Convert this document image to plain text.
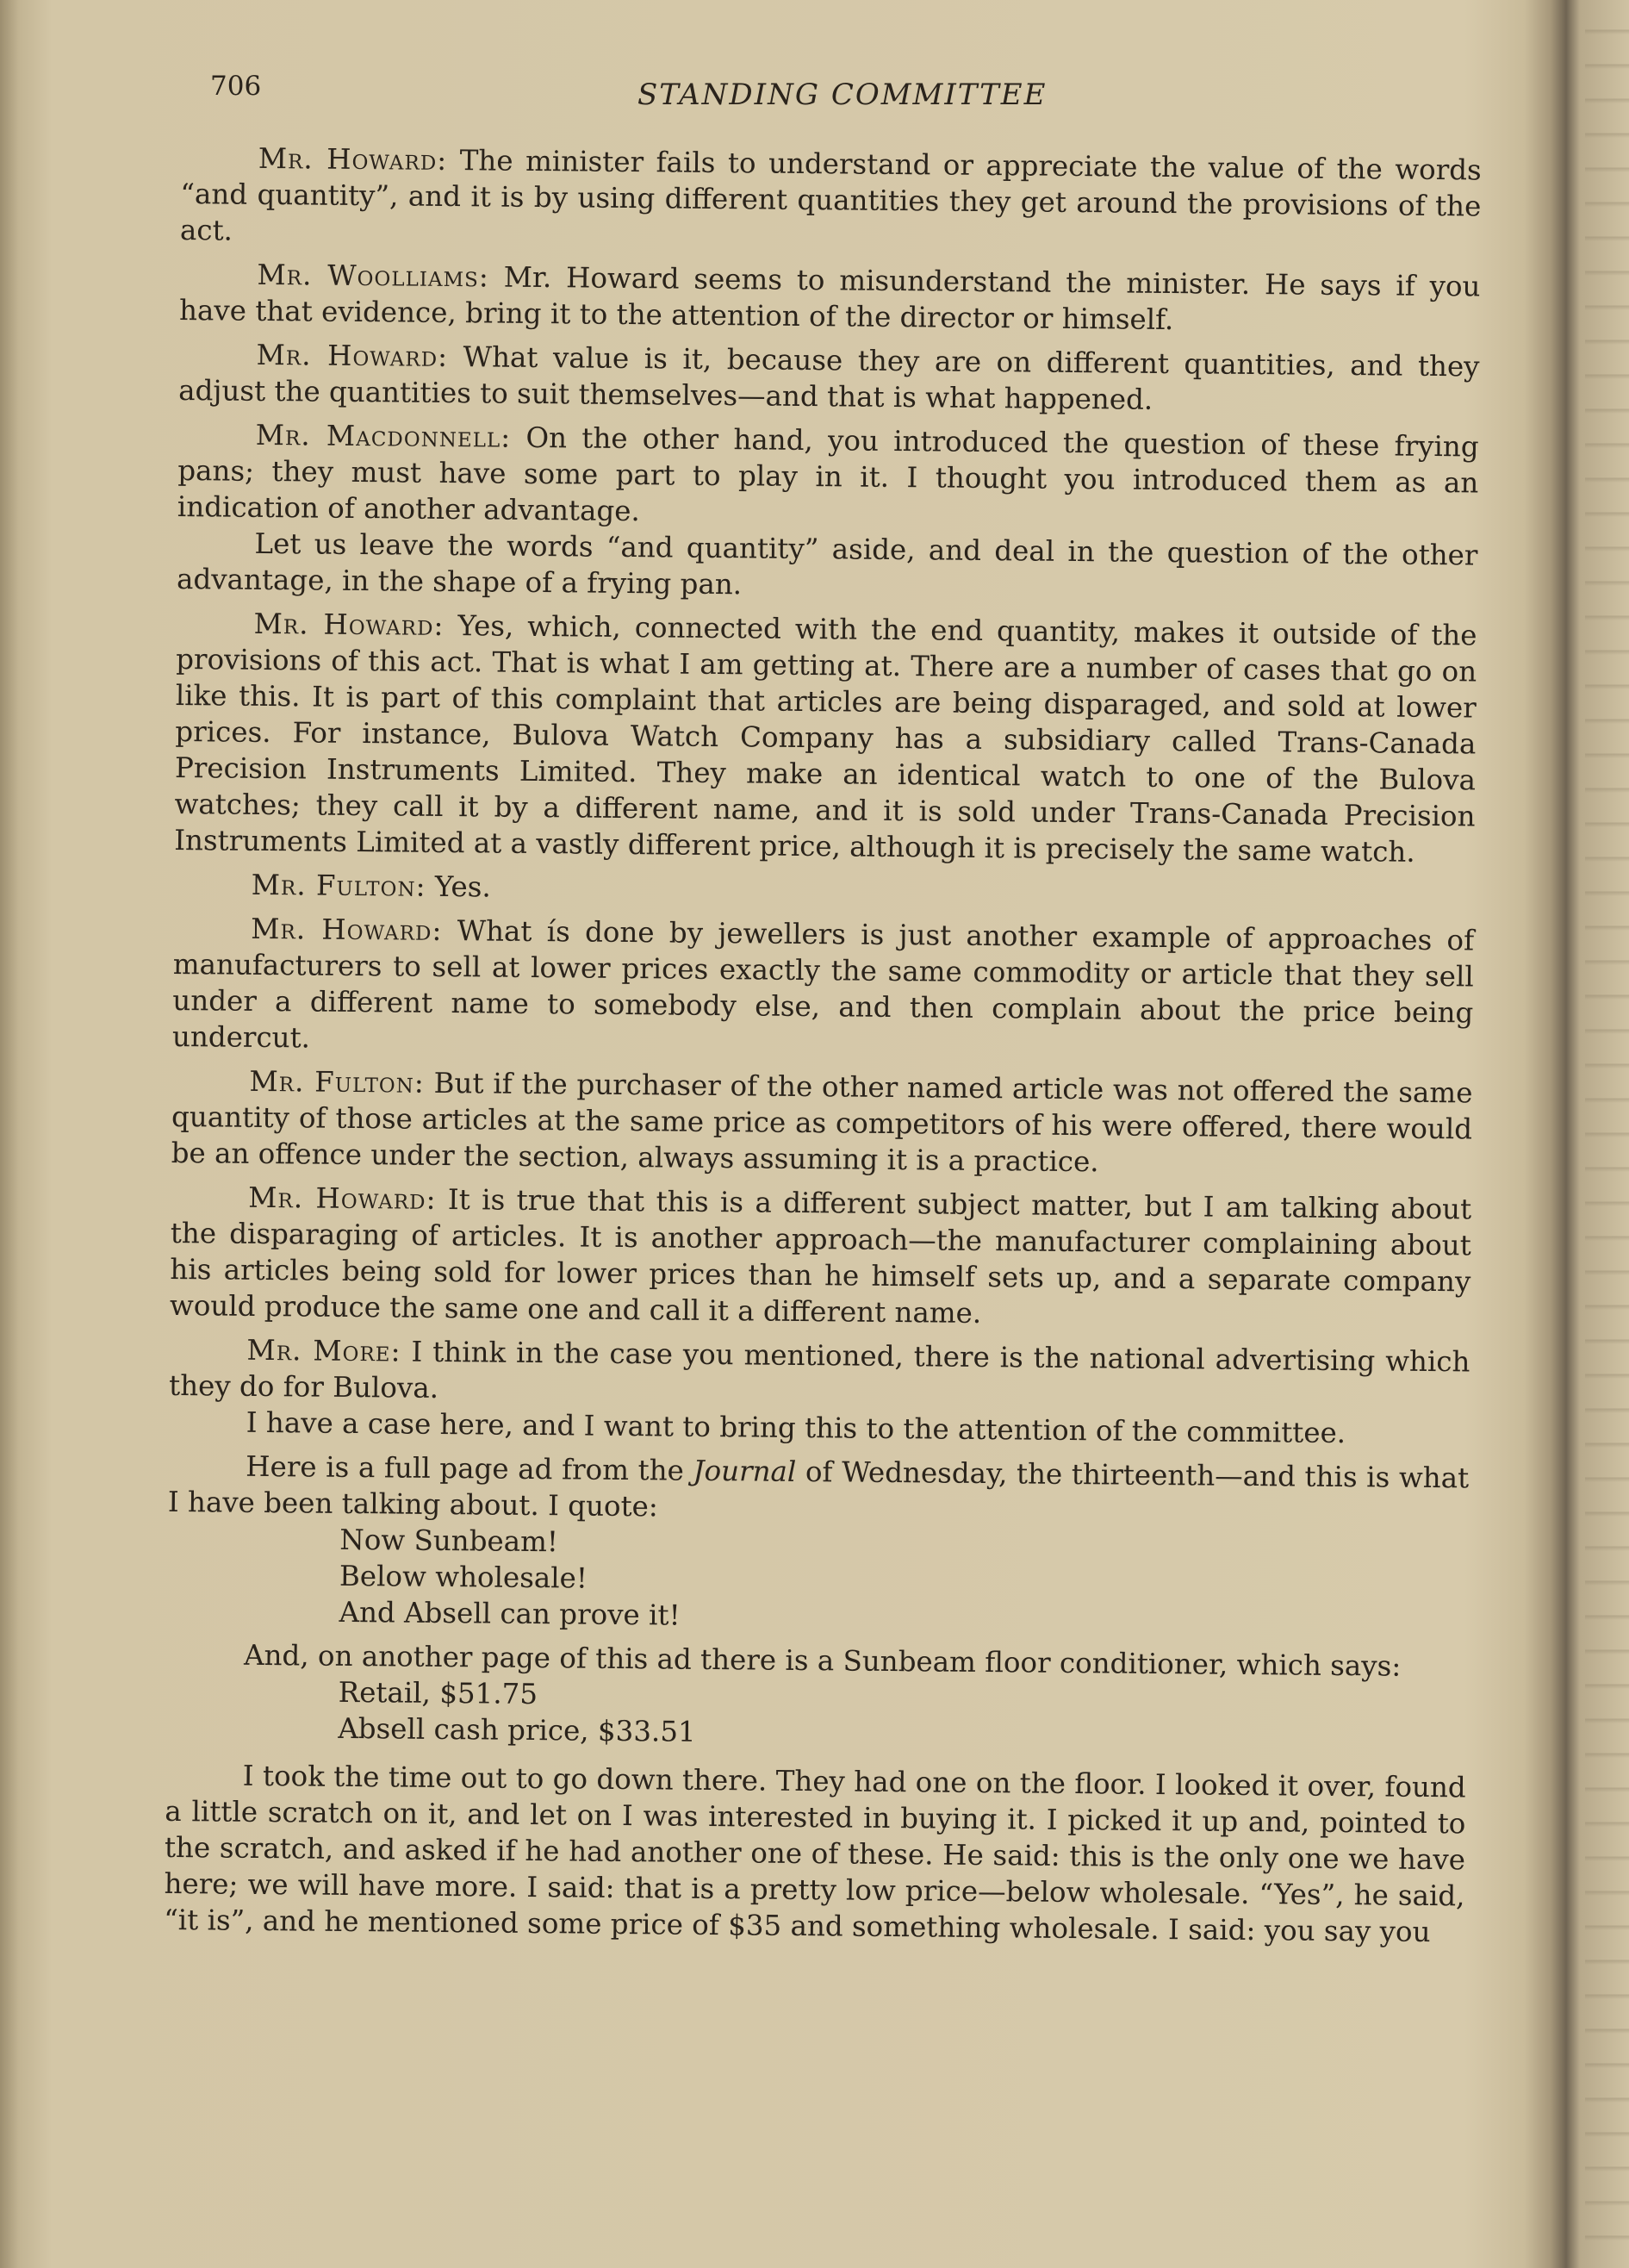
706	STANDING COMMITTEE

Mr. Howard: The minister fails to understand or appreciate the value of the words “and quantity”, and it is by using different quantities they get around the provisions of the act.

Mr. Woolliams: Mr. Howard seems to misunderstand the minister. He says if you have that evidence, bring it to the attention of the director or himself.

Mr. Howard: What value is it, because they are on different quantities, and they adjust the quantities to suit themselves—and that is what happened.

Mr. Macdonnell: On the other hand, you introduced the question of these frying pans; they must have some part to play in it. I thought you introduced them as an indication of another advantage.

Let us leave the words “and quantity” aside, and deal in the question of the other advantage, in the shape of a frying pan.

Mr. Howard: Yes, which, connected with the end quantity, makes it outside of the provisions of this act. That is what I am getting at. There are a number of cases that go on like this. It is part of this complaint that articles are being disparaged, and sold at lower prices. For instance, Bulova Watch Company has a subsidiary called Trans-Canada Precision Instruments Limited. They make an identical watch to one of the Bulova watches; they call it by a different name, and it is sold under Trans-Canada Precision Instruments Limited at a vastly different price, although it is precisely the same watch.

Mr. Fulton: Yes.

Mr. Howard: What ís done by jewellers is just another example of approaches of manufacturers to sell at lower prices exactly the same commodity or article that they sell under a different name to somebody else, and then complain about the price being undercut.

Mr. Fulton: But if the purchaser of the other named article was not offered the same quantity of those articles at the same price as competitors of his were offered, there would be an offence under the section, always assuming it is a practice.

Mr. Howard: It is true that this is a different subject matter, but I am talking about the disparaging of articles. It is another approach—the manufacturer complaining about his articles being sold for lower prices than he himself sets up, and a separate company would produce the same one and call it a different name.

Mr. More: I think in the case you mentioned, there is the national advertising which they do for Bulova.

I have a case here, and I want to bring this to the attention of the committee.

Here is a full page ad from the Journal of Wednesday, the thirteenth—and this is what I have been talking about. I quote:

Now Sunbeam!
Below wholesale!
And Absell can prove it!

And, on another page of this ad there is a Sunbeam floor conditioner, which says:

Retail, $51.75
Absell cash price, $33.51

I took the time out to go down there. They had one on the floor. I looked it over, found a little scratch on it, and let on I was interested in buying it. I picked it up and, pointed to the scratch, and asked if he had another one of these. He said: this is the only one we have here; we will have more. I said: that is a pretty low price—below wholesale. “Yes”, he said, “it is”, and he mentioned some price of $35 and something wholesale. I said: you say you
